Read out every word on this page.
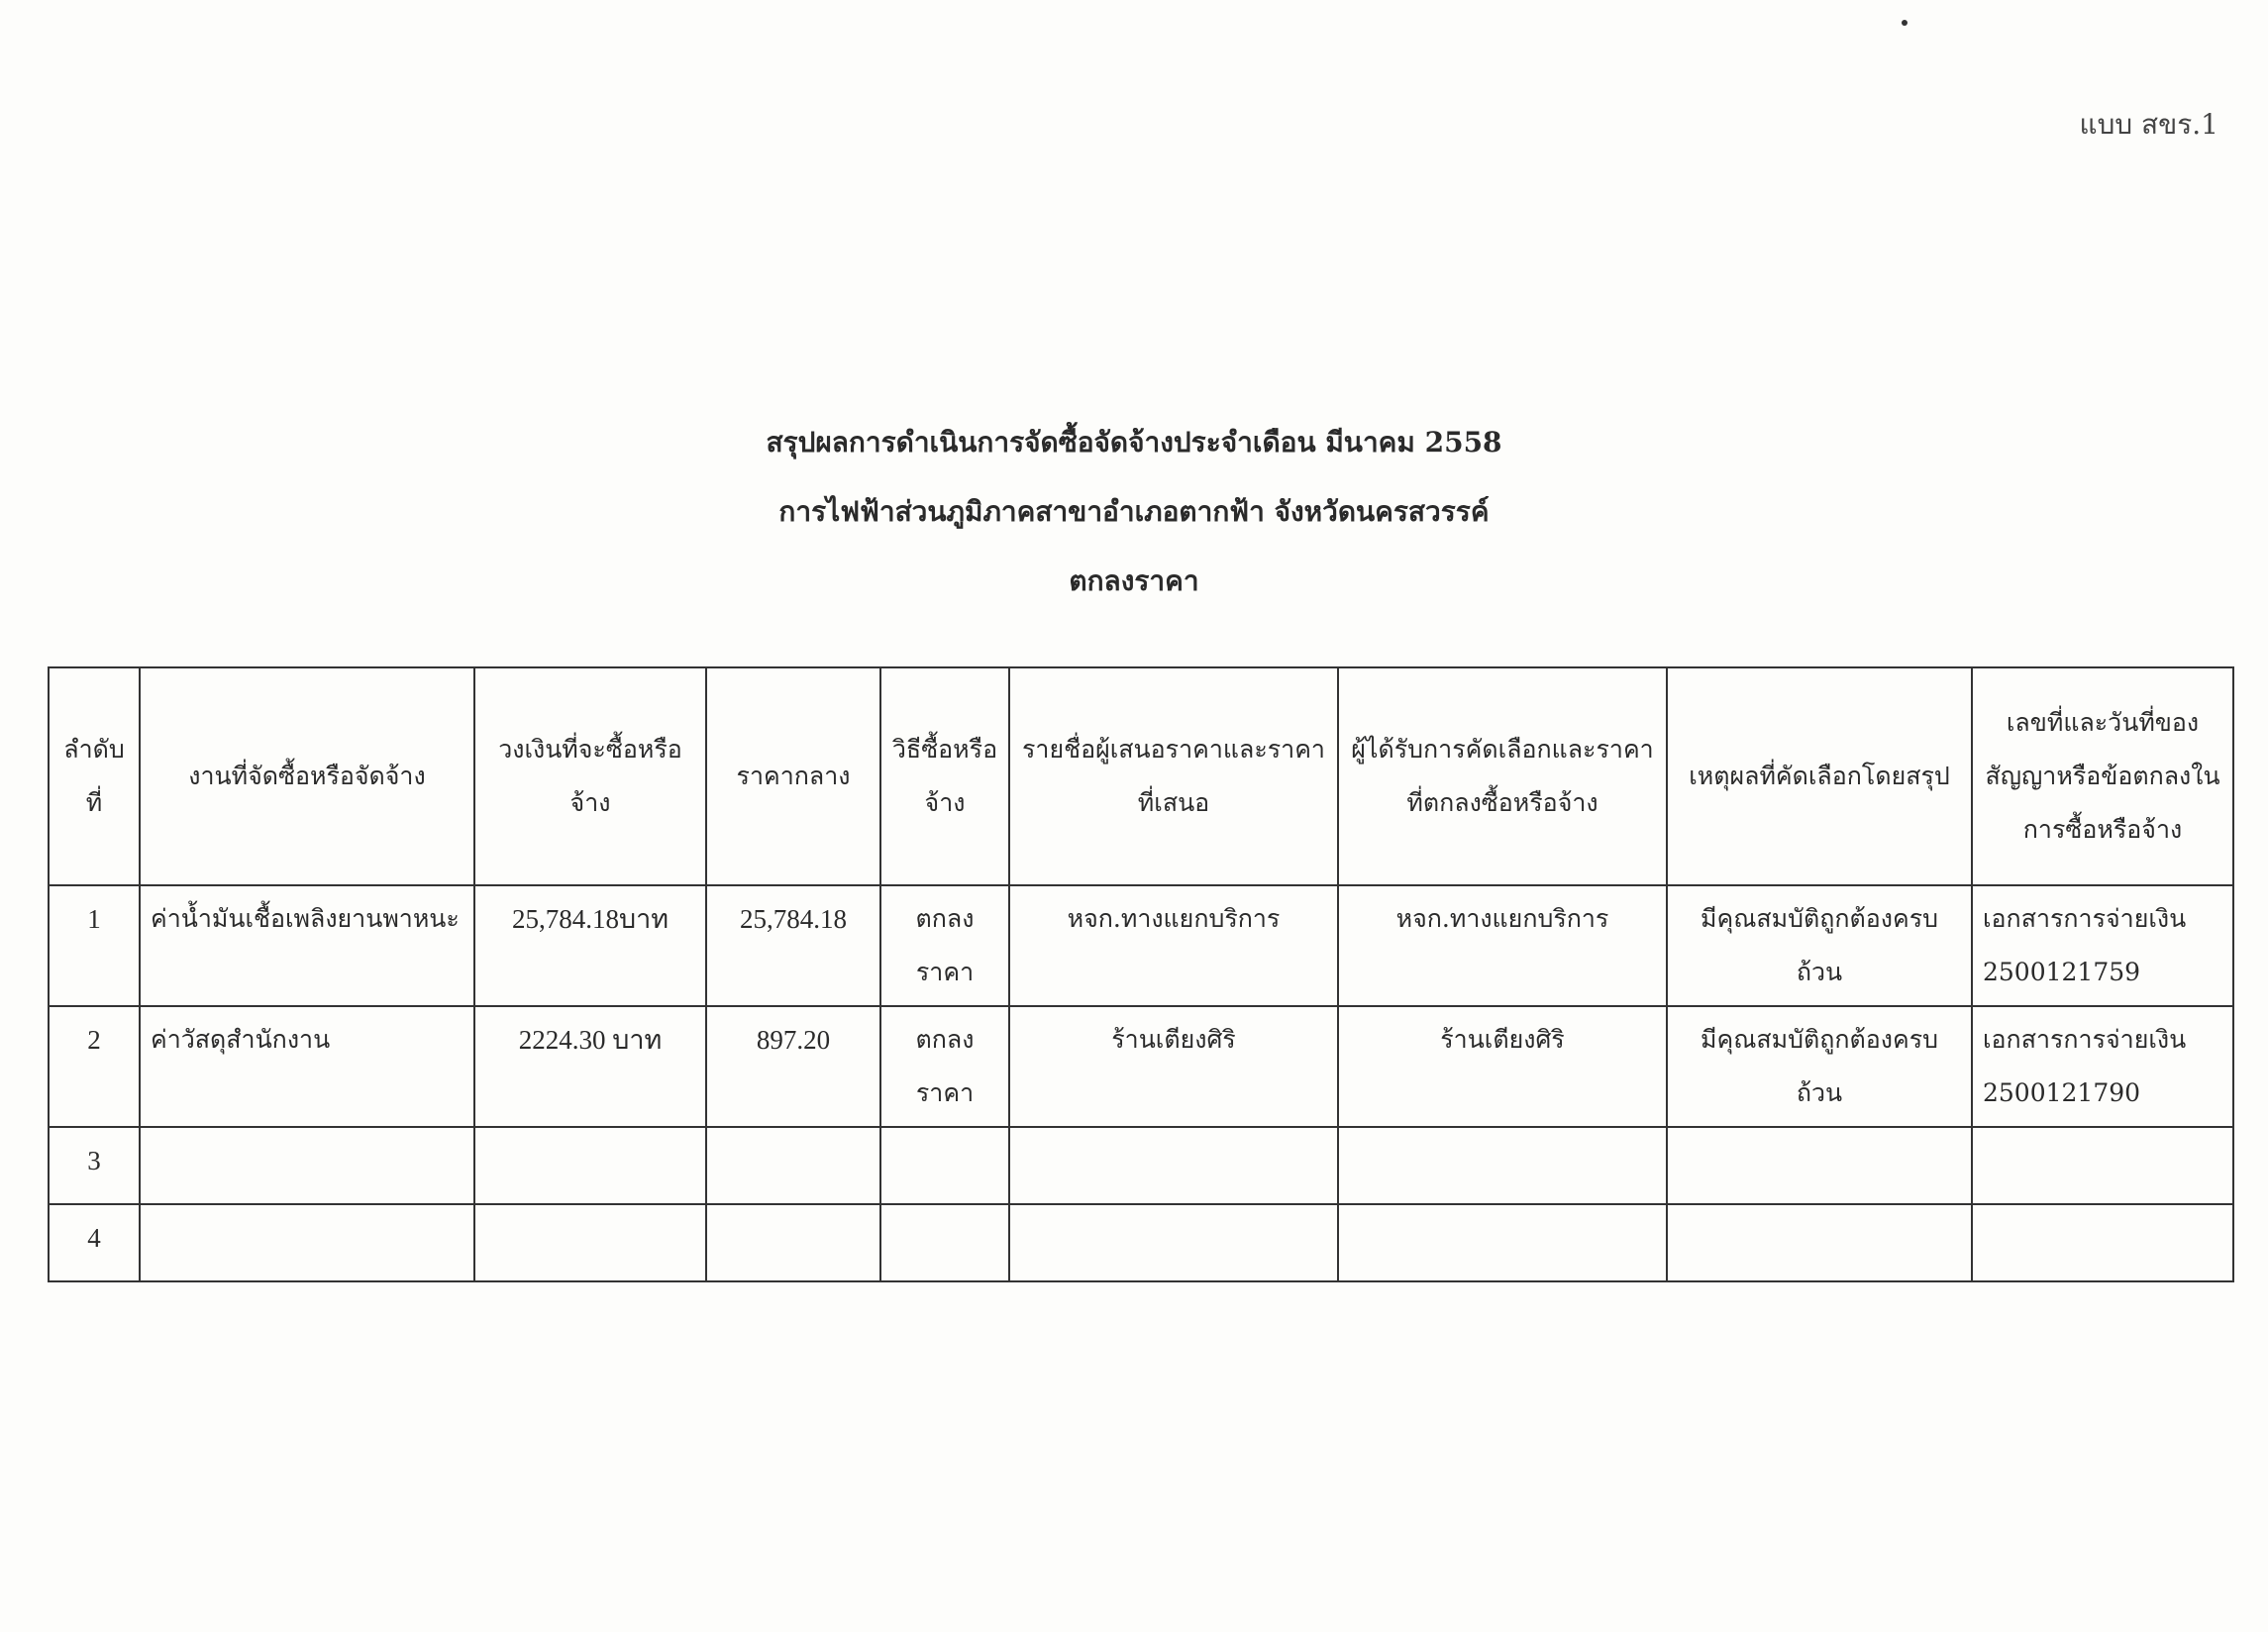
แบบ สขร.1
สรุปผลการดำเนินการจัดซื้อจัดจ้างประจำเดือน มีนาคม 2558
การไฟฟ้าส่วนภูมิภาคสาขาอำเภอตากฟ้า จังหวัดนครสวรรค์
ตกลงราคา
ลำดับที่	งานที่จัดซื้อหรือจัดจ้าง	วงเงินที่จะซื้อหรือจ้าง	ราคากลาง	วิธีซื้อหรือจ้าง	รายชื่อผู้เสนอราคาและราคาที่เสนอ	ผู้ได้รับการคัดเลือกและราคาที่ตกลงซื้อหรือจ้าง	เหตุผลที่คัดเลือกโดยสรุป	เลขที่และวันที่ของสัญญาหรือข้อตกลงในการซื้อหรือจ้าง
1	ค่าน้ำมันเชื้อเพลิงยานพาหนะ	25,784.18บาท	25,784.18	ตกลงราคา	หจก.ทางแยกบริการ	หจก.ทางแยกบริการ	มีคุณสมบัติถูกต้องครบถ้วน	เอกสารการจ่ายเงิน 2500121759
2	ค่าวัสดุสำนักงาน	2224.30 บาท	897.20	ตกลงราคา	ร้านเตียงศิริ	ร้านเตียงศิริ	มีคุณสมบัติถูกต้องครบถ้วน	เอกสารการจ่ายเงิน 2500121790
3								
4								
